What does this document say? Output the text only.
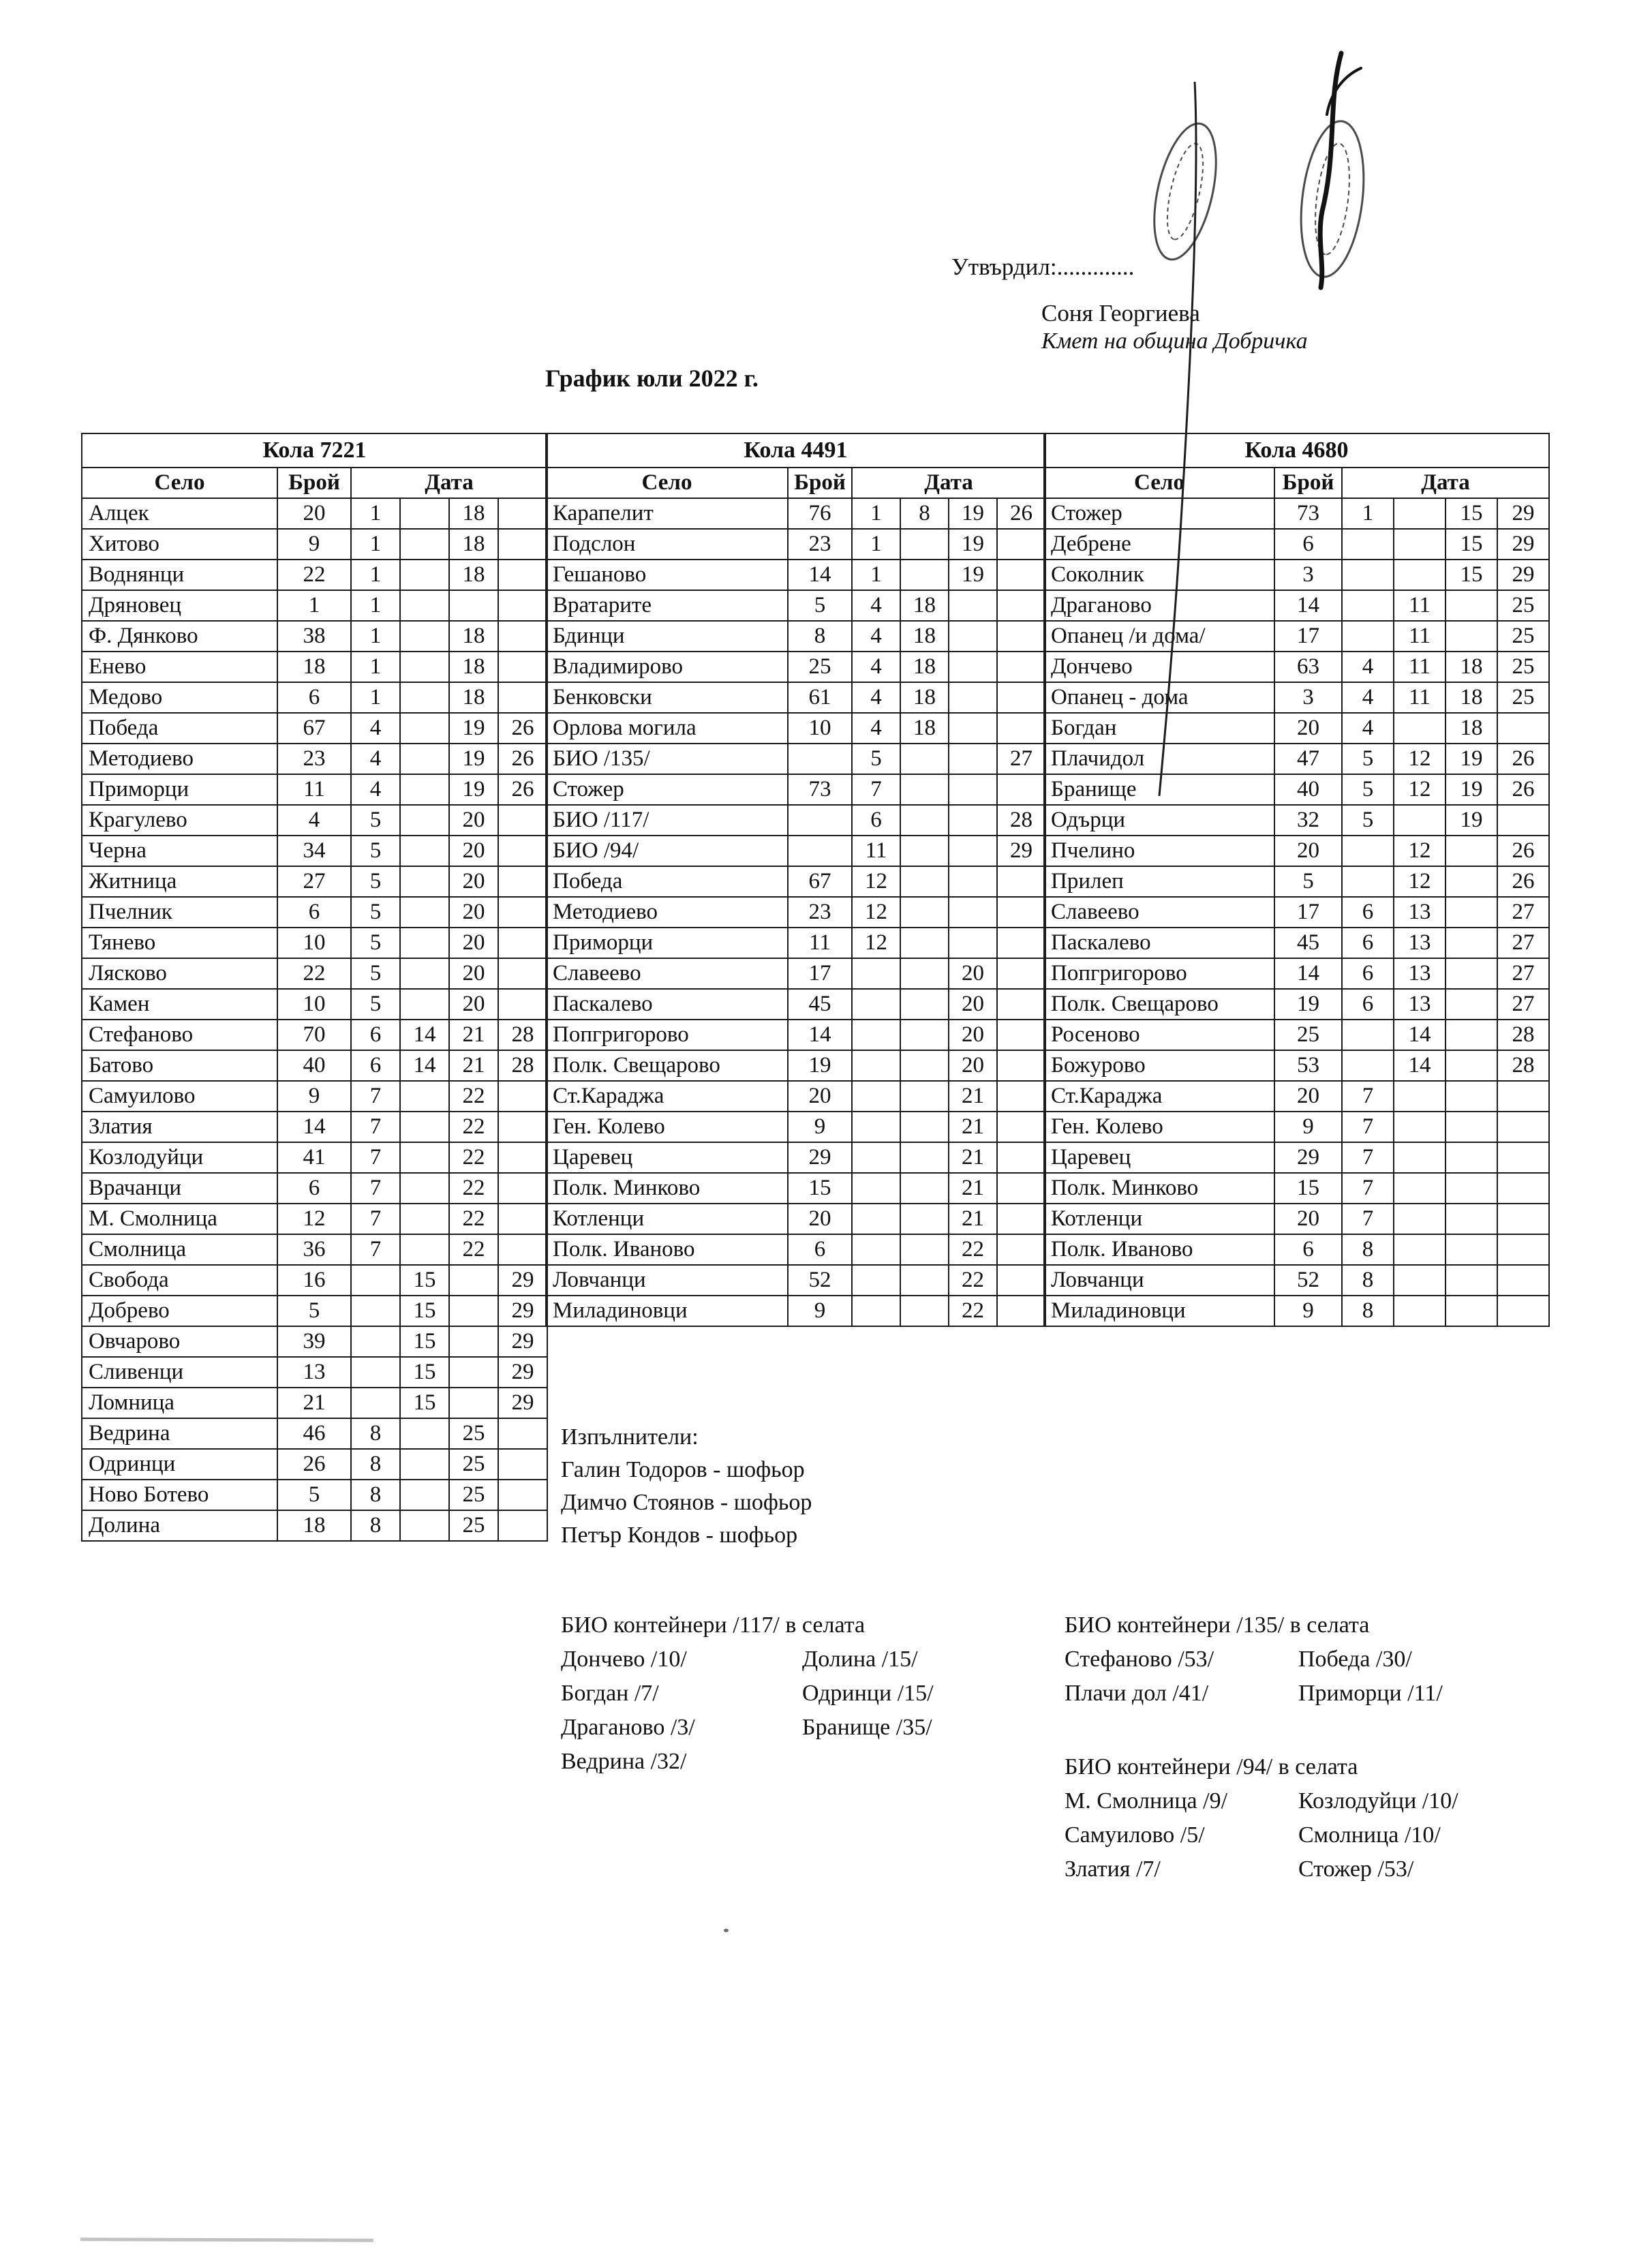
Утвърдил:.............
Соня Георгиева
Кмет на община Добричка
График юли 2022 г.
Кола 7221					
Село	Брой	Дата			
Алцек	20	1		18	
Хитово	9	1		18	
Воднянци	22	1		18	
Дряновец	1	1			
Ф. Дянково	38	1		18	
Енево	18	1		18	
Медово	6	1		18	
Победа	67	4		19	26
Методиево	23	4		19	26
Приморци	11	4		19	26
Крагулево	4	5		20	
Черна	34	5		20	
Житница	27	5		20	
Пчелник	6	5		20	
Тянево	10	5		20	
Лясково	22	5		20	
Камен	10	5		20	
Стефаново	70	6	14	21	28
Батово	40	6	14	21	28
Самуилово	9	7		22	
Златия	14	7		22	
Козлодуйци	41	7		22	
Врачанци	6	7		22	
М. Смолница	12	7		22	
Смолница	36	7		22	
Свобода	16		15		29
Добрево	5		15		29
Овчарово	39		15		29
Сливенци	13		15		29
Ломница	21		15		29
Ведрина	46	8		25	
Одринци	26	8		25	
Ново Ботево	5	8		25	
Долина	18	8		25	
Кола 4491					
Село	Брой	Дата			
Карапелит	76	1	8	19	26
Подслон	23	1		19	
Гешаново	14	1		19	
Вратарите	5	4	18		
Бдинци	8	4	18		
Владимирово	25	4	18		
Бенковски	61	4	18		
Орлова могила	10	4	18		
БИО /135/		5			27
Стожер	73	7			
БИО /117/		6			28
БИО /94/		11			29
Победа	67	12			
Методиево	23	12			
Приморци	11	12			
Славеево	17			20	
Паскалево	45			20	
Попгригорово	14			20	
Полк. Свещарово	19			20	
Ст.Караджа	20			21	
Ген. Колево	9			21	
Царевец	29			21	
Полк. Минково	15			21	
Котленци	20			21	
Полк. Иваново	6			22	
Ловчанци	52			22	
Миладиновци	9			22	
Кола 4680					
Село	Брой	Дата			
Стожер	73	1		15	29
Дебрене	6			15	29
Соколник	3			15	29
Драганово	14		11		25
Опанец /и дома/	17		11		25
Дончево	63	4	11	18	25
Опанец - дома	3	4	11	18	25
Богдан	20	4		18	
Плачидол	47	5	12	19	26
Бранище	40	5	12	19	26
Одърци	32	5		19	
Пчелино	20		12		26
Прилеп	5		12		26
Славеево	17	6	13		27
Паскалево	45	6	13		27
Попгригорово	14	6	13		27
Полк. Свещарово	19	6	13		27
Росеново	25		14		28
Божурово	53		14		28
Ст.Караджа	20	7			
Ген. Колево	9	7			
Царевец	29	7			
Полк. Минково	15	7			
Котленци	20	7			
Полк. Иваново	6	8			
Ловчанци	52	8			
Миладиновци	9	8			
Изпълнители:
Галин Тодоров - шофьор
Димчо Стоянов - шофьор
Петър Кондов - шофьор
БИО контейнери /117/ в селата
Дончево /10/	Долина /15/
Богдан /7/	Одринци /15/
Драганово /3/	Бранище /35/
Ведрина /32/
БИО контейнери /135/ в селата
Стефаново /53/	Победа /30/
Плачи дол /41/	Приморци /11/
БИО контейнери /94/ в селата
М. Смолница /9/	Козлодуйци /10/
Самуилово /5/	Смолница /10/
Златия /7/	Стожер /53/
